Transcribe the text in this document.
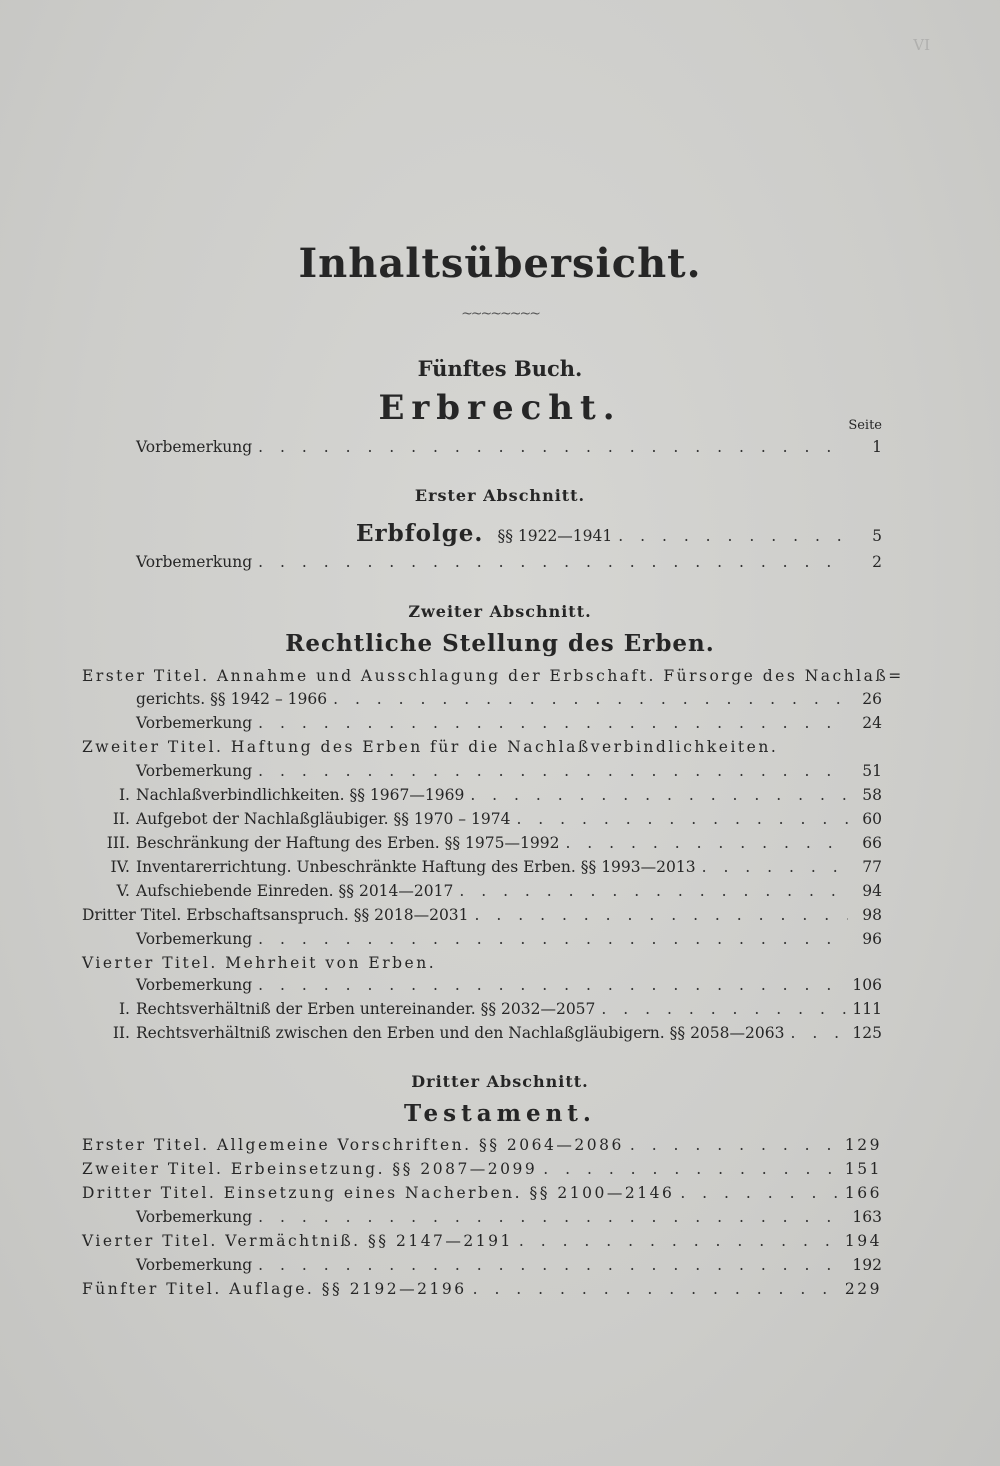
VI
Inhaltsübersicht.
~~~~~~~~
Fünftes Buch.
Erbrecht.	Seite
Vorbemerkung . . .	1
Erster Abschnitt.
Erbfolge. §§ 1922—1941 . . .	5
Vorbemerkung . . .	2
Zweiter Abschnitt.
Rechtliche Stellung des Erben.
Erster Titel. Annahme und Ausschlagung der Erbschaft. Fürsorge des Nachlaß=
gerichts. §§ 1942 – 1966 . . .	26
Vorbemerkung . . .	24
Zweiter Titel. Haftung des Erben für die Nachlaßverbindlichkeiten.
Vorbemerkung . . .	51
I. Nachlaßverbindlichkeiten. §§ 1967—1969 . . .	58
II. Aufgebot der Nachlaßgläubiger. §§ 1970 – 1974 . . .	60
III. Beschränkung der Haftung des Erben. §§ 1975—1992 . . .	66
IV. Inventarerrichtung. Unbeschränkte Haftung des Erben. §§ 1993—2013 . . .	77
V. Aufschiebende Einreden. §§ 2014—2017 . . .	94
Dritter Titel. Erbschaftsanspruch. §§ 2018—2031 . . .	98
Vorbemerkung . . .	96
Vierter Titel. Mehrheit von Erben.
Vorbemerkung . . .	106
I. Rechtsverhältniß der Erben untereinander. §§ 2032—2057 . . .	111
II. Rechtsverhältniß zwischen den Erben und den Nachlaßgläubigern. §§ 2058—2063 . . .	125
Dritter Abschnitt.
Testament.
Erster Titel. Allgemeine Vorschriften. §§ 2064—2086 . . .	129
Zweiter Titel. Erbeinsetzung. §§ 2087—2099 . . .	151
Dritter Titel. Einsetzung eines Nacherben. §§ 2100—2146 . . .	166
Vorbemerkung . . .	163
Vierter Titel. Vermächtniß. §§ 2147—2191 . . .	194
Vorbemerkung . . .	192
Fünfter Titel. Auflage. §§ 2192—2196 . . .	229
